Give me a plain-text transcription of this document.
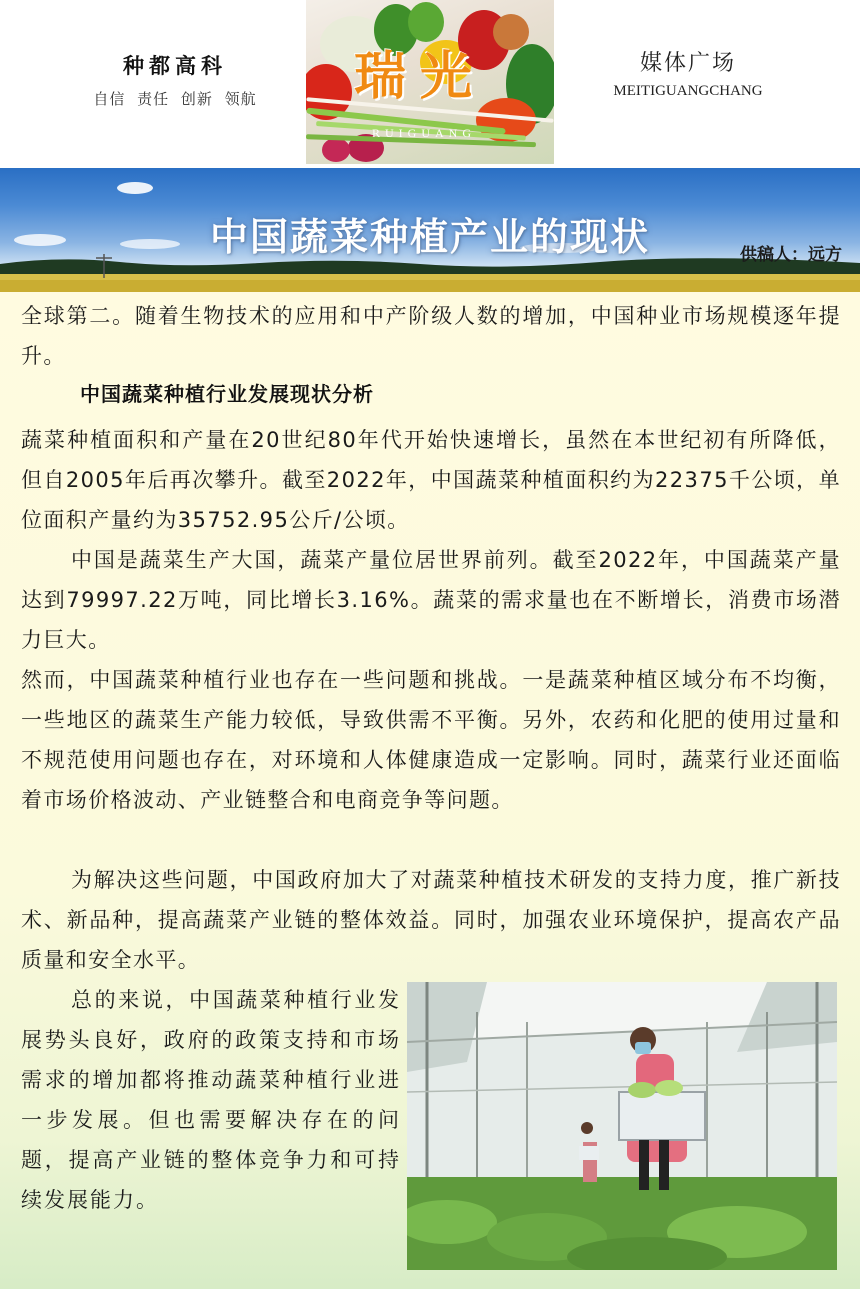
种都高科
自信 责任 创新 领航 瑞光
RUIGUANG
媒体广场
MEITIGUANGCHANG
中国蔬菜种植产业的现状	供稿人：远方

全球第二。随着生物技术的应用和中产阶级人数的增加，中国种业市场规模逐年提升。

中国蔬菜种植行业发展现状分析

蔬菜种植面积和产量在20世纪80年代开始快速增长，虽然在本世纪初有所降低，但自2005年后再次攀升。截至2022年，中国蔬菜种植面积约为22375千公顷，单位面积产量约为35752.95公斤/公顷。

中国是蔬菜生产大国，蔬菜产量位居世界前列。截至2022年，中国蔬菜产量达到79997.22万吨，同比增长3.16%。蔬菜的需求量也在不断增长，消费市场潜力巨大。

然而，中国蔬菜种植行业也存在一些问题和挑战。一是蔬菜种植区域分布不均衡，一些地区的蔬菜生产能力较低，导致供需不平衡。另外，农药和化肥的使用过量和不规范使用问题也存在，对环境和人体健康造成一定影响。同时，蔬菜行业还面临着市场价格波动、产业链整合和电商竞争等问题。

为解决这些问题，中国政府加大了对蔬菜种植技术研发的支持力度，推广新技术、新品种，提高蔬菜产业链的整体效益。同时，加强农业环境保护，提高农产品质量和安全水平。

总的来说，中国蔬菜种植行业发展势头良好，政府的政策支持和市场需求的增加都将推动蔬菜种植行业进一步发展。但也需要解决存在的问题，提高产业链的整体竞争力和可持续发展能力。
